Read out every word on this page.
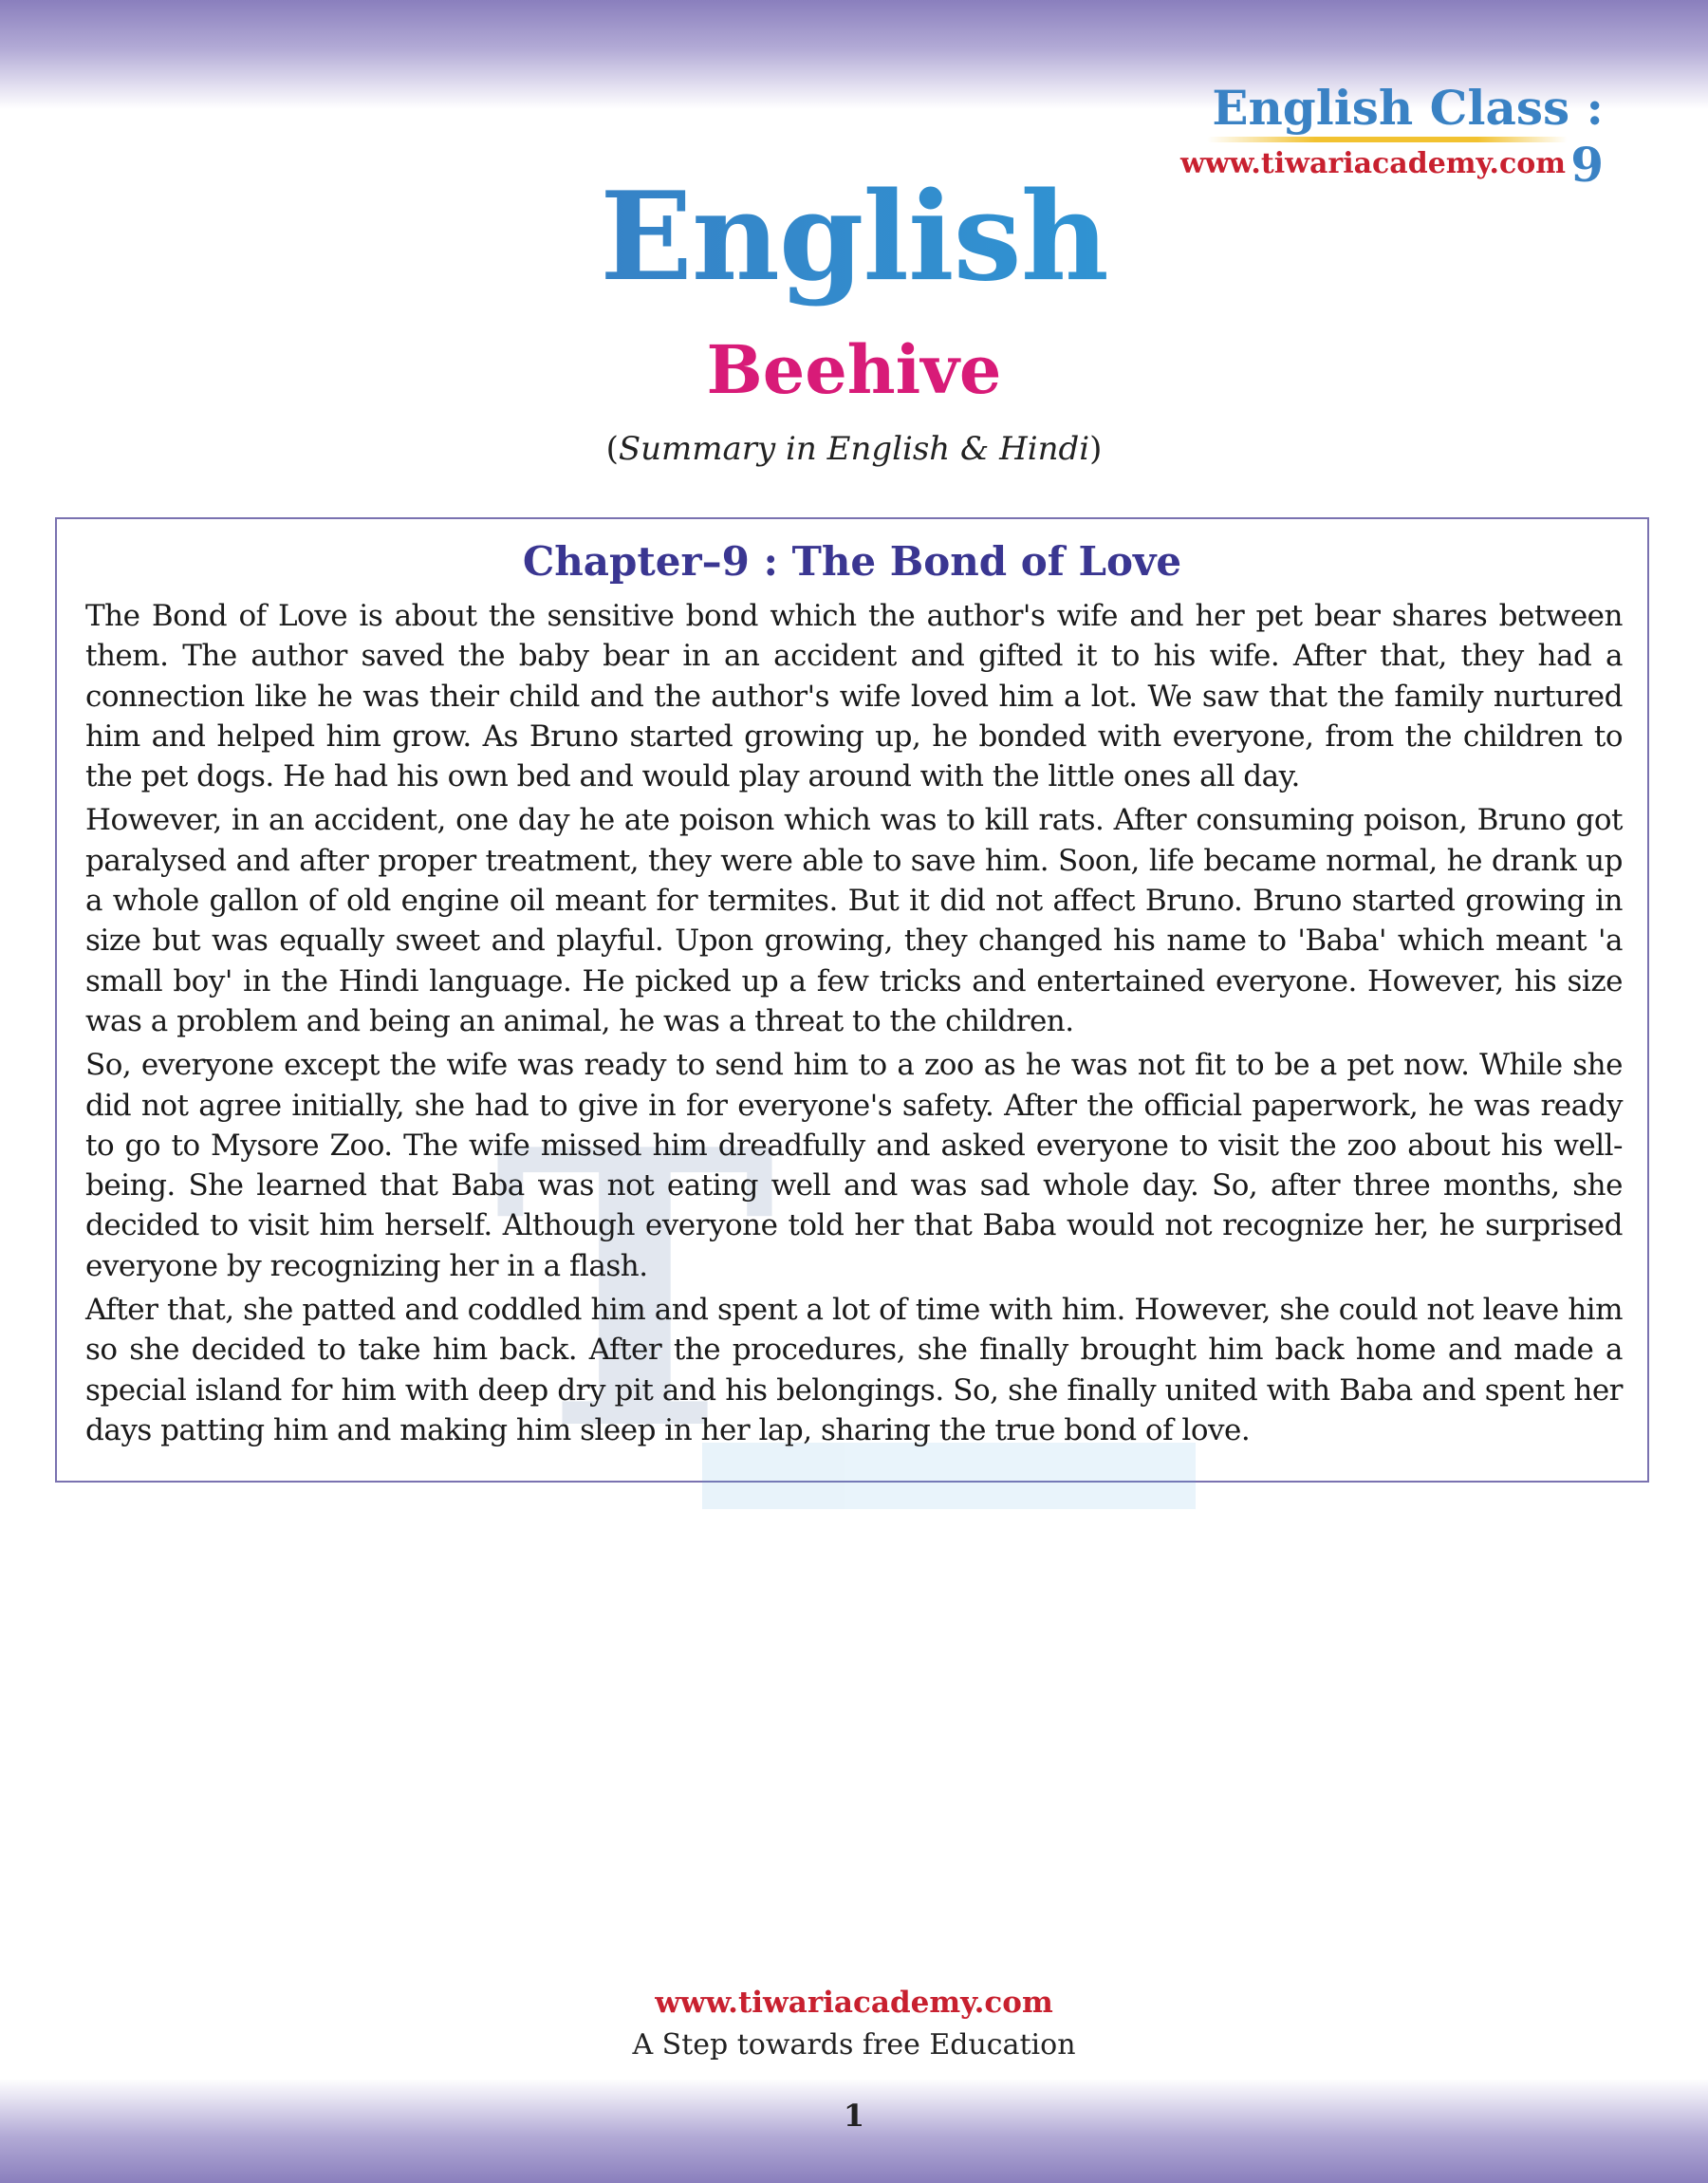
English Class :
English
Beehive
(Summary in English & Hindi)
T
Chapter–9 : The Bond of Love

The Bond of Love is about the sensitive bond which the author's wife and her pet bear shares between them. The author saved the baby bear in an accident and gifted it to his wife. After that, they had a connection like he was their child and the author's wife loved him a lot. We saw that the family nurtured him and helped him grow. As Bruno started growing up, he bonded with everyone, from the children to the pet dogs. He had his own bed and would play around with the little ones all day.

However, in an accident, one day he ate poison which was to kill rats. After consuming poison, Bruno got paralysed and after proper treatment, they were able to save him. Soon, life became normal, he drank up a whole gallon of old engine oil meant for termites. But it did not affect Bruno. Bruno started growing in size but was equally sweet and playful. Upon growing, they changed his name to 'Baba' which meant 'a small boy' in the Hindi language. He picked up a few tricks and entertained everyone. However, his size was a problem and being an animal, he was a threat to the children.

So, everyone except the wife was ready to send him to a zoo as he was not fit to be a pet now. While she did not agree initially, she had to give in for everyone's safety. After the official paperwork, he was ready to go to Mysore Zoo. The wife missed him dreadfully and asked everyone to visit the zoo about his well-being. She learned that Baba was not eating well and was sad whole day. So, after three months, she decided to visit him herself. Although everyone told her that Baba would not recognize her, he surprised everyone by recognizing her in a flash.

After that, she patted and coddled him and spent a lot of time with him. However, she could not leave him so she decided to take him back. After the procedures, she finally brought him back home and made a special island for him with deep dry pit and his belongings. So, she finally united with Baba and spent her days patting him and making him sleep in her lap, sharing the true bond of love.

www.tiwariacademy.com
A Step towards free Education
1
